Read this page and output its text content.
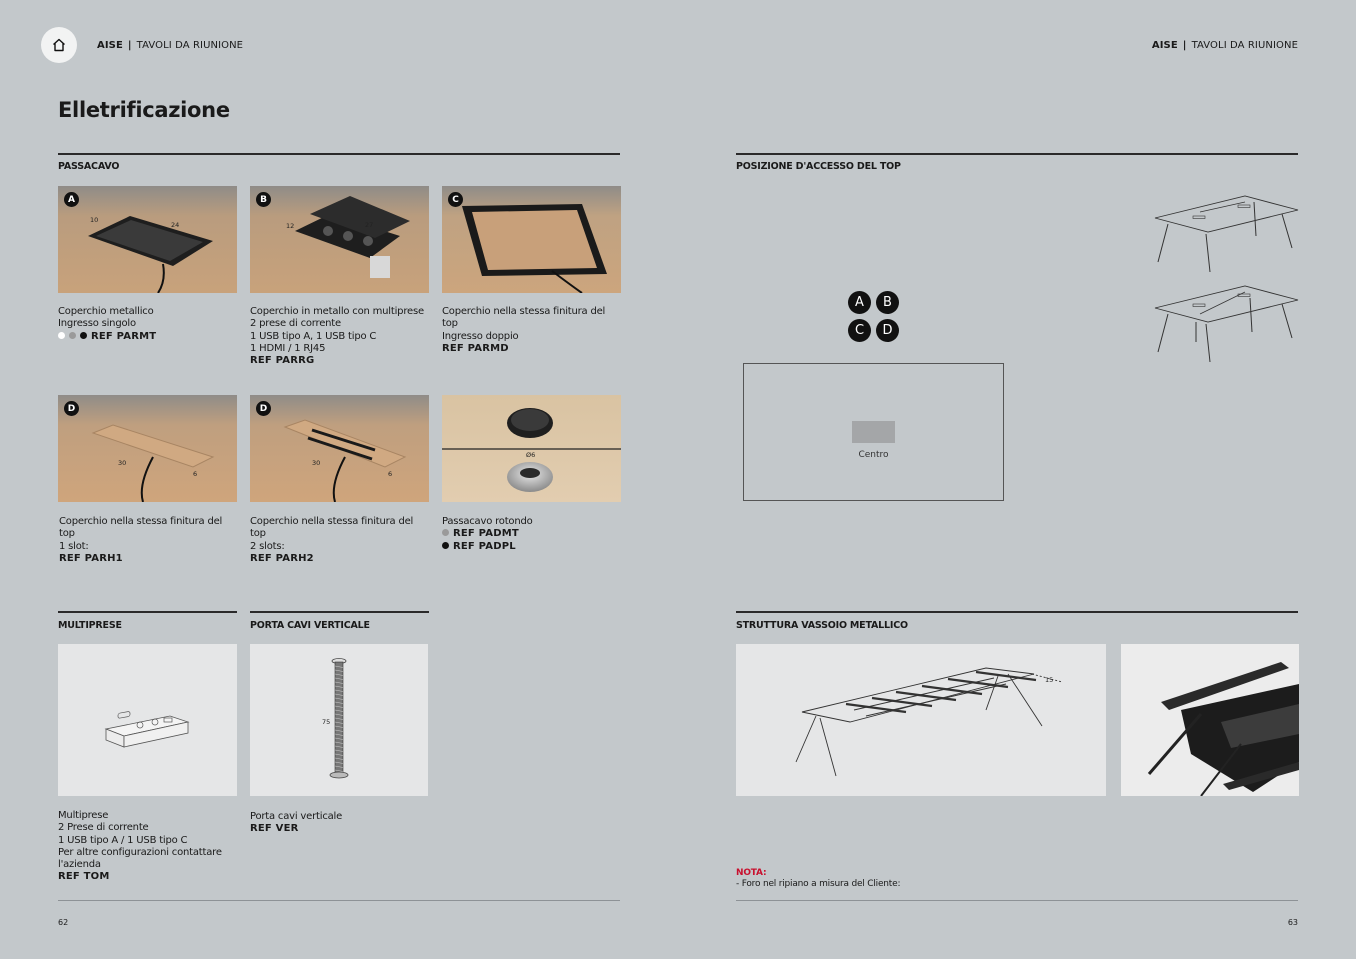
AISE | TAVOLI DA RIUNIONE	AISE | TAVOLI DA RIUNIONE
Elletrificazione
PASSACAVO
A
10
24
Coperchio metallico
Ingresso singolo
REF PARMT
B
12	27
Coperchio in metallo con multiprese
2 prese di corrente
1 USB tipo A, 1 USB tipo C
1 HDMI / 1 RJ45
REF PARRG
C
Coperchio nella stessa finitura del top
Ingresso doppio
REF PARMD
D
30
6
Coperchio nella stessa finitura del top
1 slot:
REF PARH1
D
30
6
Coperchio nella stessa finitura del top
2 slots:
REF PARH2
Ø6
Passacavo rotondo
REF PADMT
REF PADPL
MULTIPRESE
Multiprese
2 Prese di corrente
1 USB tipo A / 1 USB tipo C
Per altre configurazioni contattare
l'azienda
REF TOM
PORTA CAVI VERTICALE
75
Porta cavi verticale
REF VER
62
POSIZIONE D'ACCESSO DEL TOP
A	B
C	D
Centro
STRUTTURA VASSOIO METALLICO
15
NOTA:
- Foro nel ripiano a misura del Cliente:
63
